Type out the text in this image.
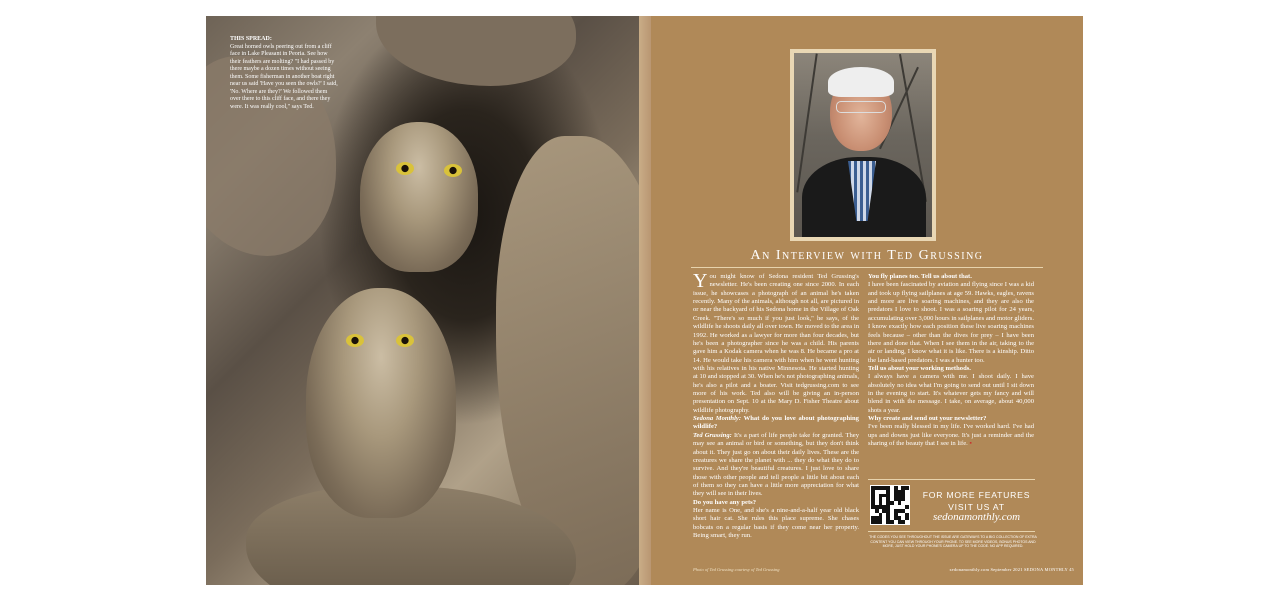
THIS SPREAD:
Great horned owls peering out from a cliff face in Lake Pleasant in Peoria. See how their feathers are molting? "I had passed by there maybe a dozen times without seeing them. Some fisherman in another boat right near us said 'Have you seen the owls?' I said, 'No. Where are they?' We followed them over there to this cliff face, and there they were. It was really cool," says Ted.
An Interview with Ted Grussing

You might know of Sedona resident Ted Grussing's newsletter. He's been creating one since 2000. In each issue, he showcases a photograph of an animal he's taken recently. Many of the animals, although not all, are pictured in or near the backyard of his Sedona home in the Village of Oak Creek. "There's so much if you just look," he says, of the wildlife he shoots daily all over town. He moved to the area in 1992. He worked as a lawyer for more than four decades, but he's been a photographer since he was a child. His parents gave him a Kodak camera when he was 8. He became a pro at 14. He would take his camera with him when he went hunting with his relatives in his native Minnesota. He started hunting at 10 and stopped at 30. When he's not photographing animals, he's also a pilot and a boater. Visit tedgrussing.com to see more of his work. Ted also will be giving an in-person presentation on Sept. 10 at the Mary D. Fisher Theatre about wildlife photography.

Sedona Monthly: What do you love about photographing wildlife?

Ted Grussing: It's a part of life people take for granted. They may see an animal or bird or something, but they don't think about it. They just go on about their daily lives. These are the creatures we share the planet with ... they do what they do to survive. And they're beautiful creatures. I just love to share those with other people and tell people a little bit about each of them so they can have a little more appreciation for what they will see in their lives.

Do you have any pets?

Her name is One, and she's a nine-and-a-half year old black short hair cat. She rules this place supreme. She chases bobcats on a regular basis if they come near her property. Being smart, they run.

You fly planes too. Tell us about that.

I have been fascinated by aviation and flying since I was a kid and took up flying sailplanes at age 59. Hawks, eagles, ravens and more are live soaring machines, and they are also the predators I love to shoot. I was a soaring pilot for 24 years, accumulating over 3,000 hours in sailplanes and motor gliders. I know exactly how each position these live soaring machines feels because – other than the dives for prey – I have been there and done that. When I see them in the air, taking to the air or landing, I know what it is like. There is a kinship. Ditto the land-based predators. I was a hunter too.

Tell us about your working methods.

I always have a camera with me. I shoot daily. I have absolutely no idea what I'm going to send out until I sit down in the evening to start. It's whatever gets my fancy and will blend in with the message. I take, on average, about 40,000 shots a year.

Why create and send out your newsletter?

I've been really blessed in my life. I've worked hard. I've had ups and downs just like everyone. It's just a reminder and the sharing of the beauty that I see in life. ▪

FOR MORE FEATURES VISIT US AT
sedonamonthly.com
THE CODES YOU SEE THROUGHOUT THE ISSUE ARE GATEWAYS TO A BIG COLLECTION OF EXTRA CONTENT YOU CAN VIEW THROUGH YOUR PHONE. TO SEE MORE VIDEOS, BONUS PHOTOS AND MORE, JUST HOLD YOUR PHONE'S CAMERA UP TO THE CODE. NO APP REQUIRED.
Photo of Ted Grussing courtesy of Ted Grussing	sedonamonthly.com September 2021 SEDONA MONTHLY 45
